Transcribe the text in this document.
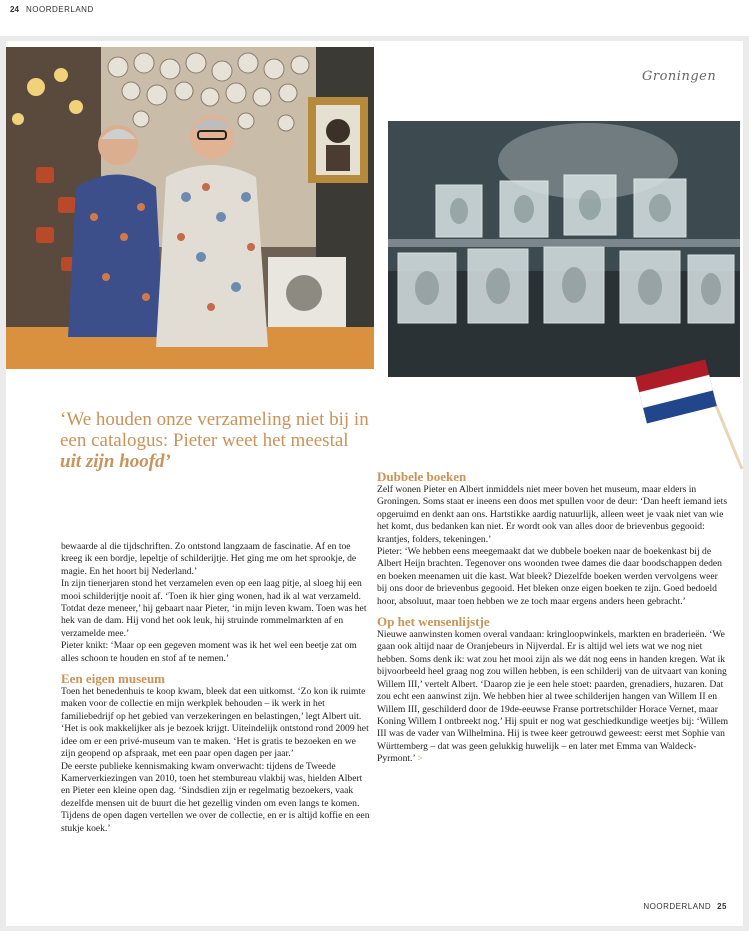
24 NOORDERLAND
Groningen
‘We houden onze verzameling niet bij in een catalogus: Pieter weet het meestal
uit zijn hoofd’

bewaarde al die tijdschriften. Zo ontstond langzaam de fascinatie. Af en toe kreeg ik een bordje, lepeltje of schilderijtje. Het ging me om het sprookje, de magie. En het hoort bij Nederland.’

In zijn tienerjaren stond het verzamelen even op een laag pitje, al sloeg hij een mooi schilderijtje nooit af. ‘Toen ik hier ging wonen, had ik al wat verzameld. Totdat deze meneer,’ hij gebaart naar Pieter, ‘in mijn leven kwam. Toen was het hek van de dam. Hij vond het ook leuk, hij struinde rommelmarkten af en verzamelde mee.’

Pieter knikt: ‘Maar op een gegeven moment was ik het wel een beetje zat om alles schoon te houden en stof af te nemen.’

Een eigen museum

Toen het benedenhuis te koop kwam, bleek dat een uitkomst. ‘Zo kon ik ruimte maken voor de collectie en mijn werkplek behouden – ik werk in het familiebedrijf op het gebied van verzekeringen en belastingen,’ legt Albert uit. ‘Het is ook makkelijker als je bezoek krijgt. Uiteindelijk ontstond rond 2009 het idee om er een privé-museum van te maken. ‘Het is gratis te bezoeken en we zijn geopend op afspraak, met een paar open dagen per jaar.’

De eerste publieke kennismaking kwam onverwacht: tijdens de Tweede Kamerverkiezingen van 2010, toen het stembureau vlakbij was, hielden Albert en Pieter een kleine open dag. ‘Sindsdien zijn er regelmatig bezoekers, vaak dezelfde mensen uit de buurt die het gezellig vinden om even langs te komen. Tijdens de open dagen vertellen we over de collectie, en er is altijd koffie en een stukje koek.’

Dubbele boeken

Zelf wonen Pieter en Albert inmiddels niet meer boven het museum, maar elders in Groningen. Soms staat er ineens een doos met spullen voor de deur: ‘Dan heeft iemand iets opgeruimd en denkt aan ons. Hartstikke aardig natuurlijk, alleen weet je vaak niet van wie het komt, dus bedanken kan niet. Er wordt ook van alles door de brievenbus gegooid: krantjes, folders, tekeningen.’

Pieter: ‘We hebben eens meegemaakt dat we dubbele boeken naar de boekenkast bij de Albert Heijn brachten. Tegenover ons woonden twee dames die daar boodschappen deden en boeken meenamen uit die kast. Wat bleek? Diezelfde boeken werden vervolgens weer bij ons door de brievenbus gegooid. Het bleken onze eigen boeken te zijn. Goed bedoeld hoor, absoluut, maar toen hebben we ze toch maar ergens anders heen gebracht.’

Op het wensenlijstje

Nieuwe aanwinsten komen overal vandaan: kringloopwinkels, markten en braderieën. ‘We gaan ook altijd naar de Oranjebeurs in Nijverdal. Er is altijd wel iets wat we nog niet hebben. Soms denk ik: wat zou het mooi zijn als we dát nog eens in handen kregen. Wat ik bijvoorbeeld heel graag nog zou willen hebben, is een schilderij van de uitvaart van koning Willem III,’ vertelt Albert. ‘Daarop zie je een hele stoet: paarden, grenadiers, huzaren. Dat zou echt een aanwinst zijn. We hebben hier al twee schilderijen hangen van Willem II en Willem III, geschilderd door de 19de-eeuwse Franse portretschilder Horace Vernet, maar Koning Willem I ontbreekt nog.’ Hij spuit er nog wat geschiedkundige weetjes bij: ‘Willem III was de vader van Wilhelmina. Hij is twee keer getrouwd geweest: eerst met Sophie van Württemberg – dat was geen gelukkig huwelijk – en later met Emma van Waldeck-Pyrmont.’ >

NOORDERLAND 25
